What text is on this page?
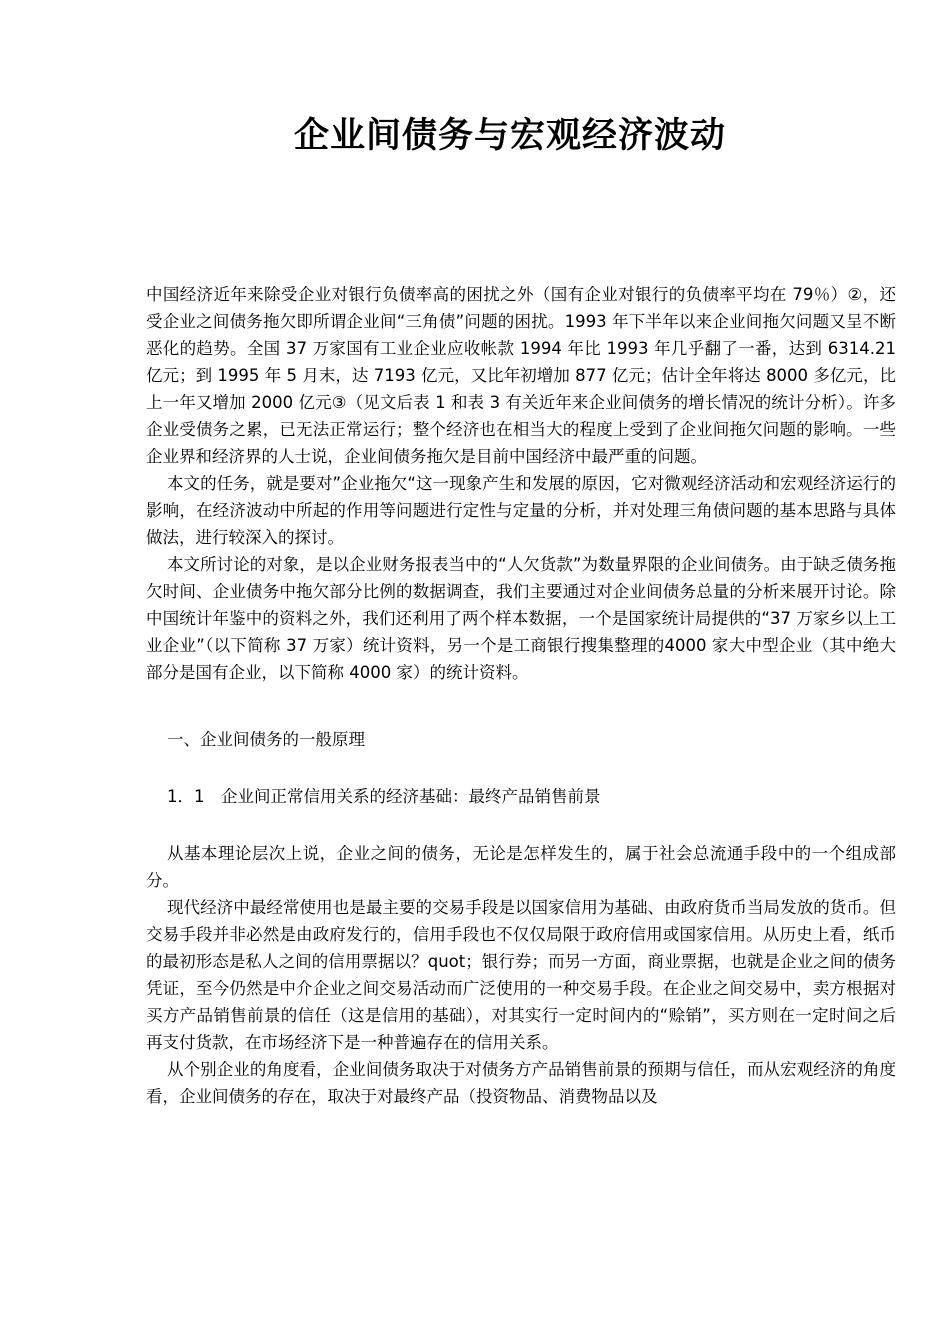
企业间债务与宏观经济波动

中国经济近年来除受企业对银行负债率高的困扰之外（国有企业对银行的负债率平均在 79％）②，还受企业之间债务拖欠即所谓企业间“三角债”问题的困扰。1993 年下半年以来企业间拖欠问题又呈不断恶化的趋势。全国 37 万家国有工业企业应收帐款 1994 年比 1993 年几乎翻了一番，达到 6314.21 亿元；到 1995 年 5 月末，达 7193 亿元，又比年初增加 877 亿元；估计全年将达 8000 多亿元，比上一年又增加 2000 亿元③（见文后表 1 和表 3 有关近年来企业间债务的增长情况的统计分析）。许多企业受债务之累，已无法正常运行；整个经济也在相当大的程度上受到了企业间拖欠问题的影响。一些企业界和经济界的人士说，企业间债务拖欠是目前中国经济中最严重的问题。

本文的任务，就是要对”企业拖欠“这一现象产生和发展的原因，它对微观经济活动和宏观经济运行的影响，在经济波动中所起的作用等问题进行定性与定量的分析，并对处理三角债问题的基本思路与具体做法，进行较深入的探讨。

本文所讨论的对象，是以企业财务报表当中的“人欠货款”为数量界限的企业间债务。由于缺乏债务拖欠时间、企业债务中拖欠部分比例的数据调查，我们主要通过对企业间债务总量的分析来展开讨论。除中国统计年鉴中的资料之外，我们还利用了两个样本数据，一个是国家统计局提供的“37 万家乡以上工业企业”（以下简称 37 万家）统计资料，另一个是工商银行搜集整理的4000 家大中型企业（其中绝大部分是国有企业，以下简称 4000 家）的统计资料。

一、企业间债务的一般原理

1．1　企业间正常信用关系的经济基础：最终产品销售前景

从基本理论层次上说，企业之间的债务，无论是怎样发生的，属于社会总流通手段中的一个组成部分。

现代经济中最经常使用也是最主要的交易手段是以国家信用为基础、由政府货币当局发放的货币。但交易手段并非必然是由政府发行的，信用手段也不仅仅局限于政府信用或国家信用。从历史上看，纸币的最初形态是私人之间的信用票据以？quot；银行券；而另一方面，商业票据，也就是企业之间的债务凭证，至今仍然是中介企业之间交易活动而广泛使用的一种交易手段。在企业之间交易中，卖方根据对买方产品销售前景的信任（这是信用的基础），对其实行一定时间内的“赊销”，买方则在一定时间之后再支付货款，在市场经济下是一种普遍存在的信用关系。

从个别企业的角度看，企业间债务取决于对债务方产品销售前景的预期与信任，而从宏观经济的角度看，企业间债务的存在，取决于对最终产品（投资物品、消费物品以及
